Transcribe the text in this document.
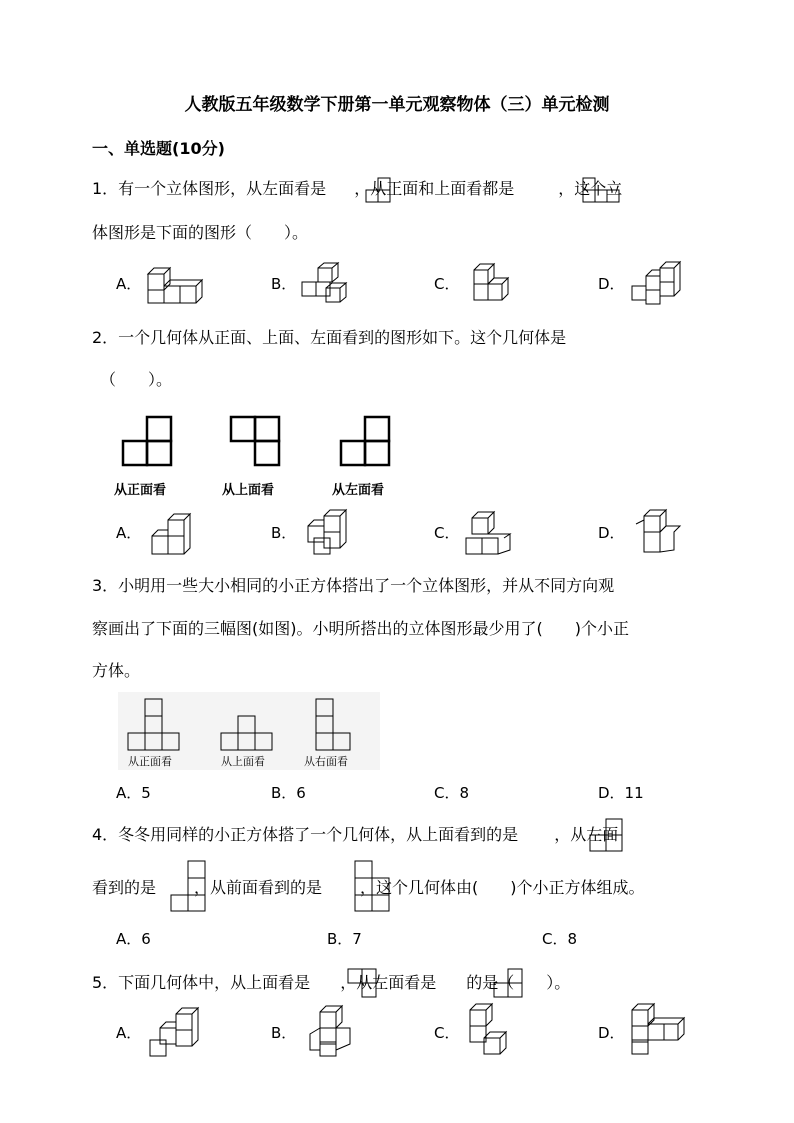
人教版五年级数学下册第一单元观察物体（三）单元检测
一、单选题(10分)
1．有一个立体图形，从左面看是 ，从正面和上面看都是	，这个立
体图形是下面的图形（　　）。
A．	B．	C．	D．
2．一个几何体从正面、上面、左面看到的图形如下。这个几何体是
（　　）。
从正面看	从上面看	从左面看
A．	B．	C．	D．
3．小明用一些大小相同的小正方体搭出了一个立体图形，并从不同方向观
察画出了下面的三幅图(如图)。小明所搭出的立体图形最少用了(　　)个小正
方体。
从正面看	从上面看	从右面看
A．5	B．6	C．8	D．11
4．冬冬用同样的小正方体搭了一个几何体，从上面看到的是 ，从左面
看到的是 ，从前面看到的是 ，这个几何体由(　　)个小正方体组成。
A．6	B．7	C．8
5．下面几何体中，从上面看是 ，从左面看是 的是（　　）。
A．	B．	C．	D．
